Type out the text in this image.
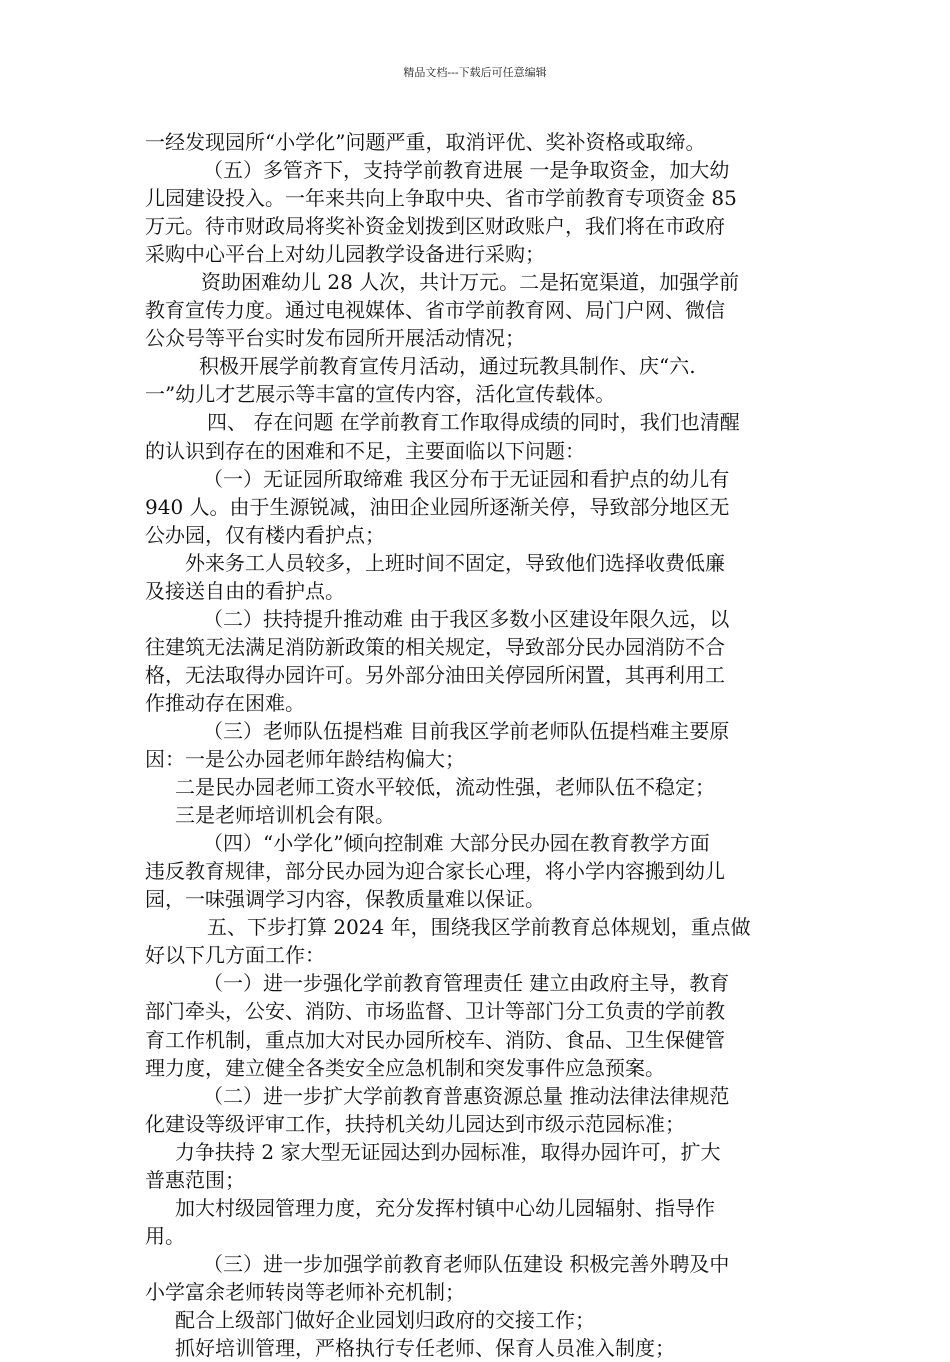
精品文档---下载后可任意编辑
一经发现园所“小学化”问题严重，取消评优、奖补资格或取缔。
（五）多管齐下，支持学前教育进展 一是争取资金，加大幼
儿园建设投入。一年来共向上争取中央、省市学前教育专项资金 85
万元。待市财政局将奖补资金划拨到区财政账户，我们将在市政府
采购中心平台上对幼儿园教学设备进行采购；
资助困难幼儿 28 人次，共计万元。二是拓宽渠道，加强学前
教育宣传力度。通过电视媒体、省市学前教育网、局门户网、微信
公众号等平台实时发布园所开展活动情况；
积极开展学前教育宣传月活动，通过玩教具制作、庆“六.
一”幼儿才艺展示等丰富的宣传内容，活化宣传载体。
四、 存在问题 在学前教育工作取得成绩的同时，我们也清醒
的认识到存在的困难和不足，主要面临以下问题：
（一）无证园所取缔难 我区分布于无证园和看护点的幼儿有
940 人。由于生源锐减，油田企业园所逐渐关停，导致部分地区无
公办园，仅有楼内看护点；
外来务工人员较多，上班时间不固定，导致他们选择收费低廉
及接送自由的看护点。
（二）扶持提升推动难 由于我区多数小区建设年限久远，以
往建筑无法满足消防新政策的相关规定，导致部分民办园消防不合
格，无法取得办园许可。另外部分油田关停园所闲置，其再利用工
作推动存在困难。
（三）老师队伍提档难 目前我区学前老师队伍提档难主要原
因：一是公办园老师年龄结构偏大；
二是民办园老师工资水平较低，流动性强，老师队伍不稳定；
三是老师培训机会有限。
（四）“小学化”倾向控制难 大部分民办园在教育教学方面
违反教育规律，部分民办园为迎合家长心理，将小学内容搬到幼儿
园，一味强调学习内容，保教质量难以保证。
五、下步打算 2024 年，围绕我区学前教育总体规划，重点做
好以下几方面工作：
（一）进一步强化学前教育管理责任 建立由政府主导，教育
部门牵头，公安、消防、市场监督、卫计等部门分工负责的学前教
育工作机制，重点加大对民办园所校车、消防、食品、卫生保健管
理力度，建立健全各类安全应急机制和突发事件应急预案。
（二）进一步扩大学前教育普惠资源总量 推动法律法律规范
化建设等级评审工作，扶持机关幼儿园达到市级示范园标准；
力争扶持 2 家大型无证园达到办园标准，取得办园许可，扩大
普惠范围；
加大村级园管理力度，充分发挥村镇中心幼儿园辐射、指导作
用。
（三）进一步加强学前教育老师队伍建设 积极完善外聘及中
小学富余老师转岗等老师补充机制；
配合上级部门做好企业园划归政府的交接工作；
抓好培训管理，严格执行专任老师、保育人员准入制度；
